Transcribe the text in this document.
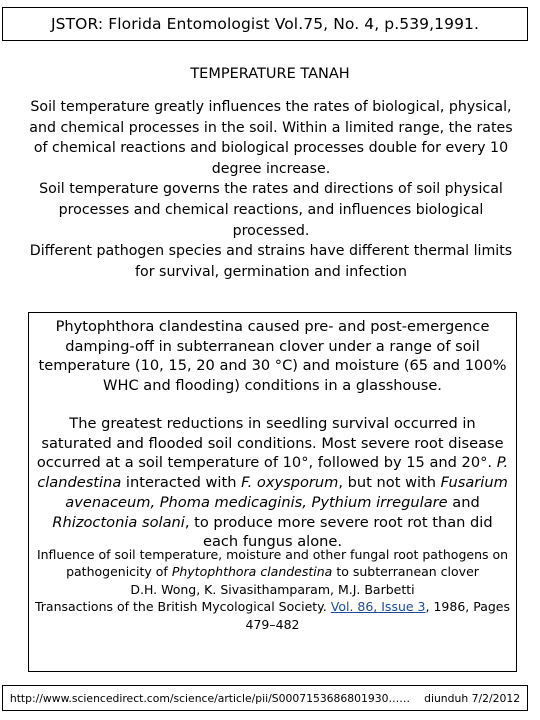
JSTOR: Florida Entomologist Vol.75, No. 4, p.539,1991.
TEMPERATURE TANAH

Soil temperature greatly influences the rates of biological, physical, and chemical processes in the soil. Within a limited range, the rates of chemical reactions and biological processes double for every 10 degree increase.

Soil temperature governs the rates and directions of soil physical processes and chemical reactions, and influences biological processed.

Different pathogen species and strains have different thermal limits for survival, germination and infection

Phytophthora clandestina caused pre- and post-emergence damping-off in subterranean clover under a range of soil temperature (10, 15, 20 and 30 °C) and moisture (65 and 100% WHC and flooding) conditions in a glasshouse.
The greatest reductions in seedling survival occurred in saturated and flooded soil conditions. Most severe root disease occurred at a soil temperature of 10°, followed by 15 and 20°. P. clandestina interacted with F. oxysporum, but not with Fusarium avenaceum, Phoma medicaginis, Pythium irregulare and Rhizoctonia solani, to produce more severe root rot than did each fungus alone.

Influence of soil temperature, moisture and other fungal root pathogens on pathogenicity of Phytophthora clandestina to subterranean clover

D.H. Wong, K. Sivasithamparam, M.J. Barbetti

Transactions of the British Mycological Society. Vol. 86, Issue 3, 1986, Pages 479–482

http://www.sciencedirect.com/science/article/pii/S0007153686801930…… diunduh 7/2/2012
